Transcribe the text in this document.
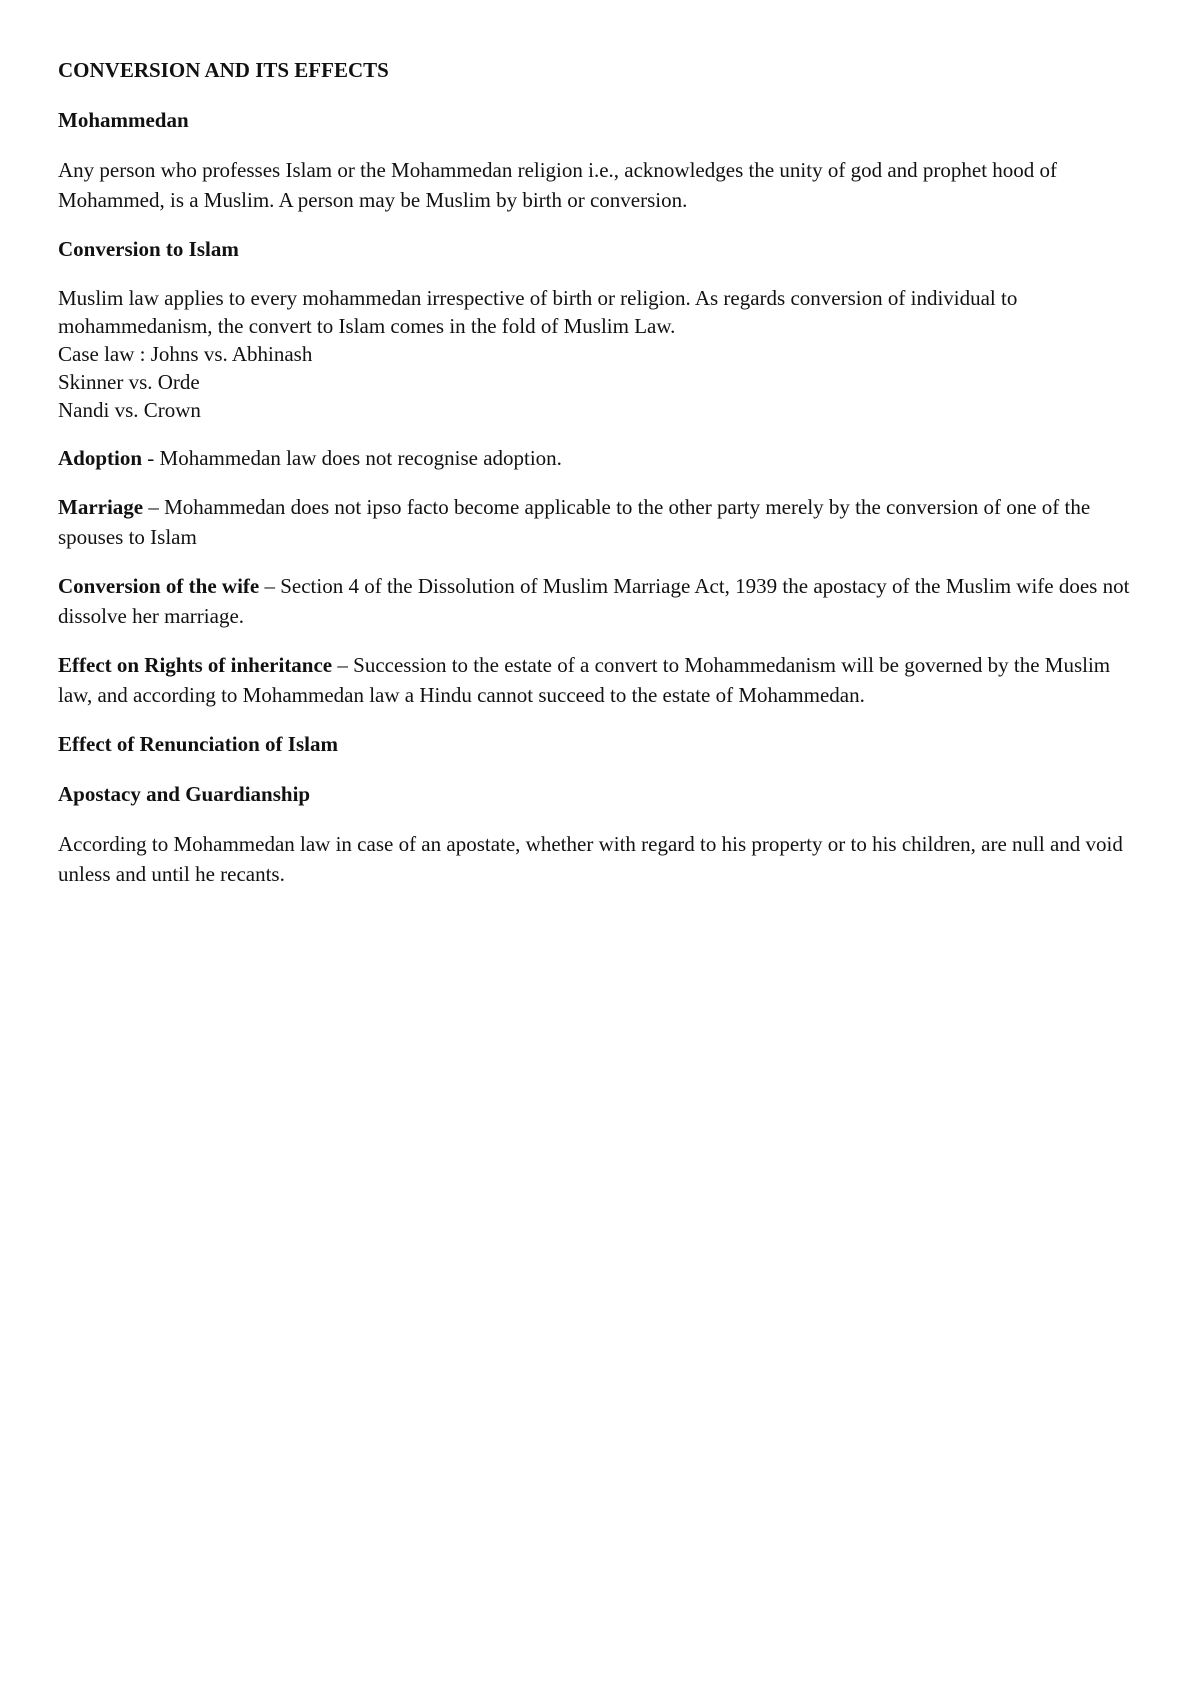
CONVERSION AND ITS EFFECTS
Mohammedan
Any person who professes Islam or the Mohammedan religion i.e., acknowledges the unity of god and prophet hood of Mohammed, is a Muslim. A person may be Muslim by birth or conversion.
Conversion to Islam
Muslim law applies to every mohammedan irrespective of birth or religion. As regards conversion of individual to mohammedanism, the convert to Islam comes in the fold of Muslim Law.
Case law : Johns vs. Abhinash
Skinner vs. Orde
Nandi vs. Crown
Adoption - Mohammedan law does not recognise adoption.
Marriage – Mohammedan does not ipso facto become applicable to the other party merely by the conversion of one of the spouses to Islam
Conversion of the wife – Section 4 of the Dissolution of Muslim Marriage Act, 1939 the apostacy of the Muslim wife does not dissolve her marriage.
Effect on Rights of inheritance – Succession to the estate of a convert to Mohammedanism will be governed by the Muslim law, and according to Mohammedan law a Hindu cannot succeed to the estate of Mohammedan.
Effect of Renunciation of Islam
Apostacy and Guardianship
According to Mohammedan law in case of an apostate, whether with regard to his property or to his children, are null and void unless and until he recants.
